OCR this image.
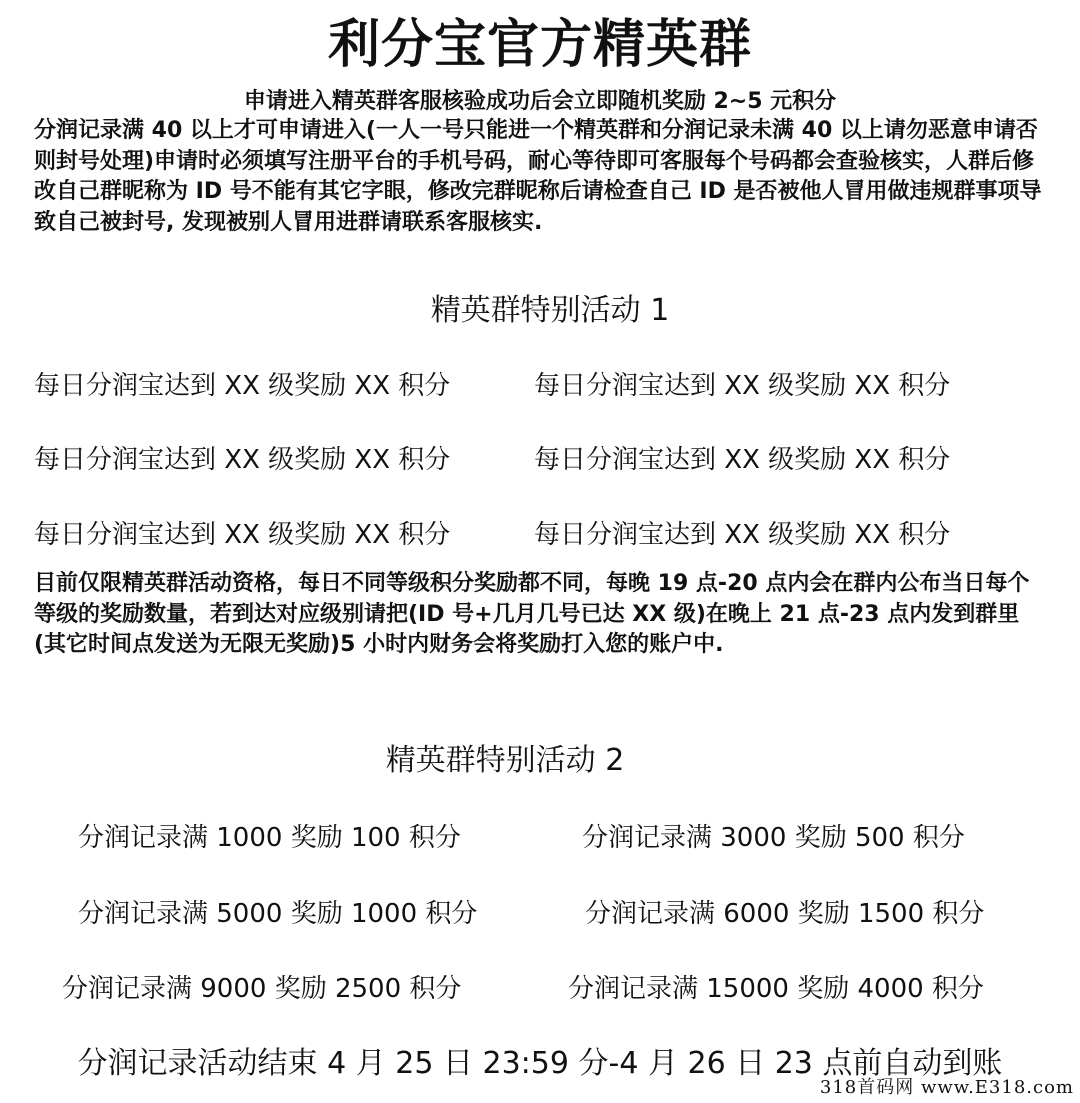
利分宝官方精英群
申请进入精英群客服核验成功后会立即随机奖励 2~5 元积分

分润记录满 40 以上才可申请进入(一人一号只能进一个精英群和分润记录未满 40 以上请勿恶意申请否则封号处理)申请时必须填写注册平台的手机号码，耐心等待即可客服每个号码都会查验核实，人群后修改自己群昵称为 ID 号不能有其它字眼，修改完群昵称后请检查自己 ID 是否被他人冒用做违规群事项导致自己被封号, 发现被别人冒用进群请联系客服核实.

精英群特别活动 1
每日分润宝达到 XX 级奖励 XX 积分	每日分润宝达到 XX 级奖励 XX 积分
每日分润宝达到 XX 级奖励 XX 积分	每日分润宝达到 XX 级奖励 XX 积分
每日分润宝达到 XX 级奖励 XX 积分	每日分润宝达到 XX 级奖励 XX 积分

目前仅限精英群活动资格，每日不同等级积分奖励都不同，每晚 19 点-20 点内会在群内公布当日每个等级的奖励数量，若到达对应级别请把(ID 号+几月几号已达 XX 级)在晚上 21 点-23 点内发到群里(其它时间点发送为无限无奖励)5 小时内财务会将奖励打入您的账户中.

精英群特别活动 2
分润记录满 1000 奖励 100 积分	分润记录满 3000 奖励 500 积分
分润记录满 5000 奖励 1000 积分	分润记录满 6000 奖励 1500 积分
分润记录满 9000 奖励 2500 积分	分润记录满 15000 奖励 4000 积分
分润记录活动结束 4 月 25 日 23:59 分-4 月 26 日 23 点前自动到账
318首码网 www.E318.com
